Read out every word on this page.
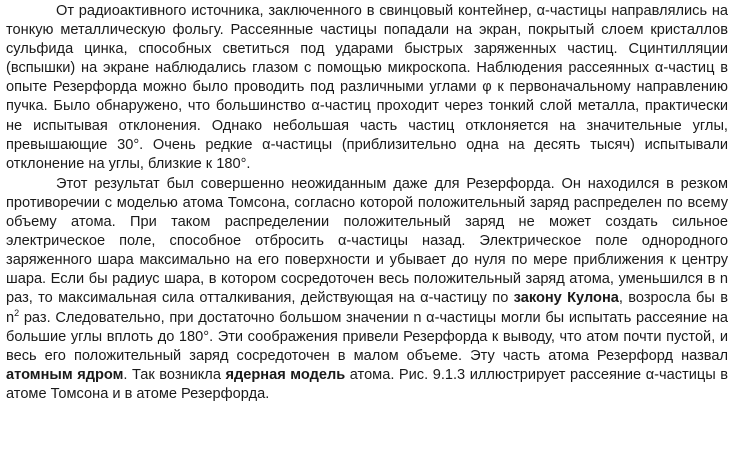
От радиоактивного источника, заключенного в свинцовый контейнер, α-частицы направлялись на тонкую металлическую фольгу. Рассеянные частицы попадали на экран, покрытый слоем кристаллов сульфида цинка, способных светиться под ударами быстрых заряженных частиц. Сцинтилляции (вспышки) на экране наблюдались глазом с помощью микроскопа. Наблюдения рассеянных α-частиц в опыте Резерфорда можно было проводить под различными углами φ к первоначальному направлению пучка. Было обнаружено, что большинство α-частиц проходит через тонкий слой металла, практически не испытывая отклонения. Однако небольшая часть частиц отклоняется на значительные углы, превышающие 30°. Очень редкие α-частицы (приблизительно одна на десять тысяч) испытывали отклонение на углы, близкие к 180°.

Этот результат был совершенно неожиданным даже для Резерфорда. Он находился в резком противоречии с моделью атома Томсона, согласно которой положительный заряд распределен по всему объему атома. При таком распределении положительный заряд не может создать сильное электрическое поле, способное отбросить α-частицы назад. Электрическое поле однородного заряженного шара максимально на его поверхности и убывает до нуля по мере приближения к центру шара. Если бы радиус шара, в котором сосредоточен весь положительный заряд атома, уменьшился в n раз, то максимальная сила отталкивания, действующая на α-частицу по закону Кулона, возросла бы в $n^2$ раз. Следовательно, при достаточно большом значении n α-частицы могли бы испытать рассеяние на большие углы вплоть до 180°. Эти соображения привели Резерфорда к выводу, что атом почти пустой, и весь его положительный заряд сосредоточен в малом объеме. Эту часть атома Резерфорд назвал атомным ядром. Так возникла ядерная модель атома. Рис. 9.1.3 иллюстрирует рассеяние α-частицы в атоме Томсона и в атоме Резерфорда.
